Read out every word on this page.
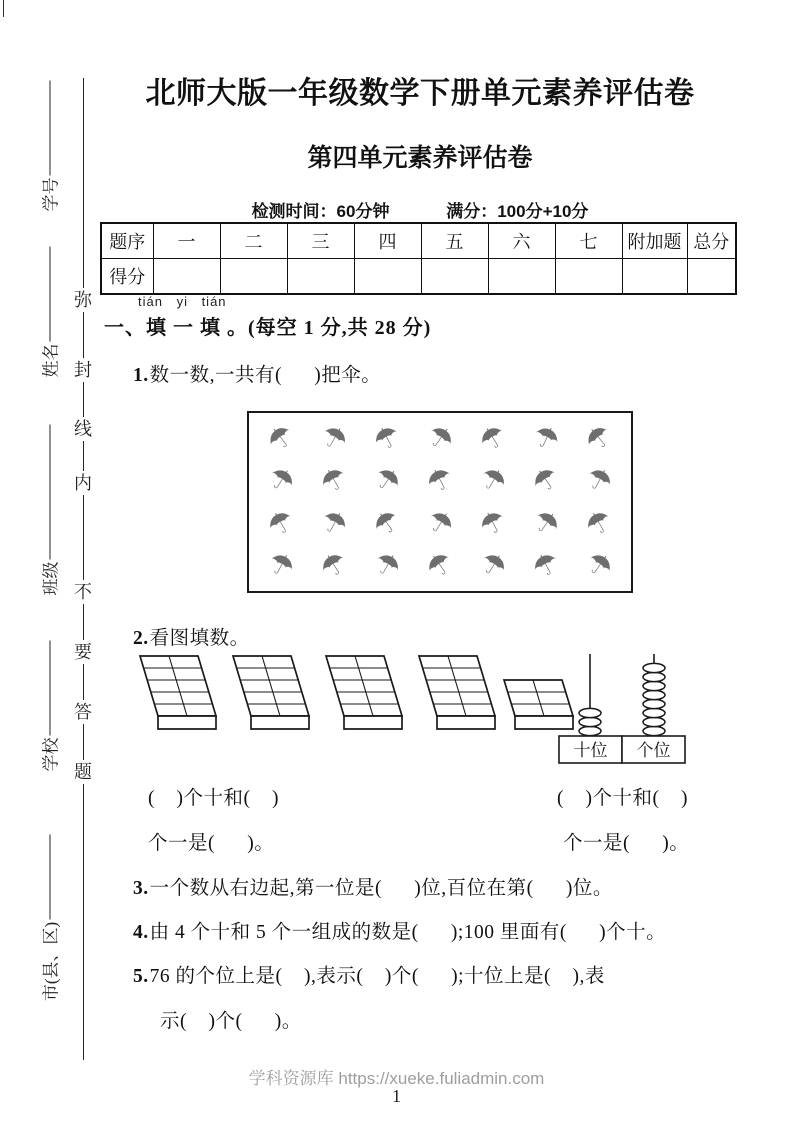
学号
姓名
班级
学校
市(县、区)
弥
封
线
内
不
要
答
题
北师大版一年级数学下册单元素养评估卷
第四单元素养评估卷
检测时间：60分钟	满分：100分+10分
题序	一	二	三	四	五	六	七	附加题	总分
得分									
tián yi tián
一、填 一 填 。(每空 1 分,共 28 分)
1.数一数,一共有(      )把伞。
☂ ☂ ☂ ☂ ☂ ☂ ☂
☂ ☂ ☂ ☂ ☂ ☂ ☂
☂ ☂ ☂ ☂ ☂ ☂ ☂
☂ ☂ ☂ ☂ ☂ ☂ ☂
2.看图填数。
十位 个位
(    )个十和(    )	(    )个十和(    )
个一是(      )。	个一是(      )。
3.一个数从右边起,第一位是(      )位,百位在第(      )位。
4.由 4 个十和 5 个一组成的数是(      );100 里面有(      )个十。
5.76 的个位上是(    ),表示(    )个(      );十位上是(    ),表
示(    )个(      )。
学科资源库 https://xueke.fuliadmin.com
1
